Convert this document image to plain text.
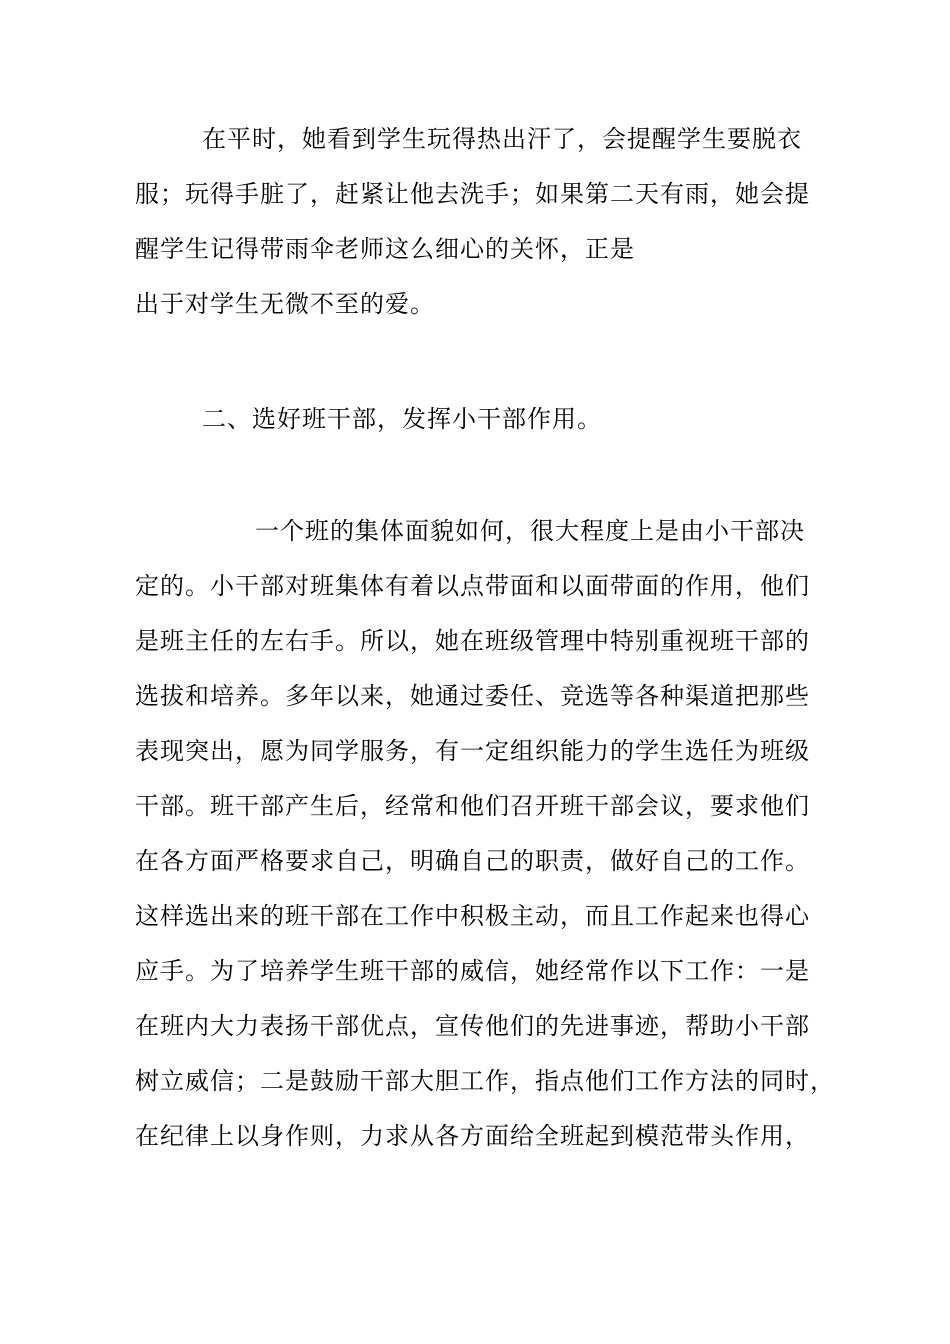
在平时，她看到学生玩得热出汗了，会提醒学生要脱衣
服；玩得手脏了，赶紧让他去洗手；如果第二天有雨，她会提
醒学生记得带雨伞老师这么细心的关怀，正是
出于对学生无微不至的爱。
二、选好班干部，发挥小干部作用。
一个班的集体面貌如何，很大程度上是由小干部决
定的。小干部对班集体有着以点带面和以面带面的作用，他们
是班主任的左右手。所以，她在班级管理中特别重视班干部的
选拔和培养。多年以来，她通过委任、竞选等各种渠道把那些
表现突出，愿为同学服务，有一定组织能力的学生选任为班级
干部。班干部产生后，经常和他们召开班干部会议，要求他们
在各方面严格要求自己，明确自己的职责，做好自己的工作。
这样选出来的班干部在工作中积极主动，而且工作起来也得心
应手。为了培养学生班干部的威信，她经常作以下工作：一是
在班内大力表扬干部优点，宣传他们的先进事迹，帮助小干部
树立威信；二是鼓励干部大胆工作，指点他们工作方法的同时，
在纪律上以身作则，力求从各方面给全班起到模范带头作用，
